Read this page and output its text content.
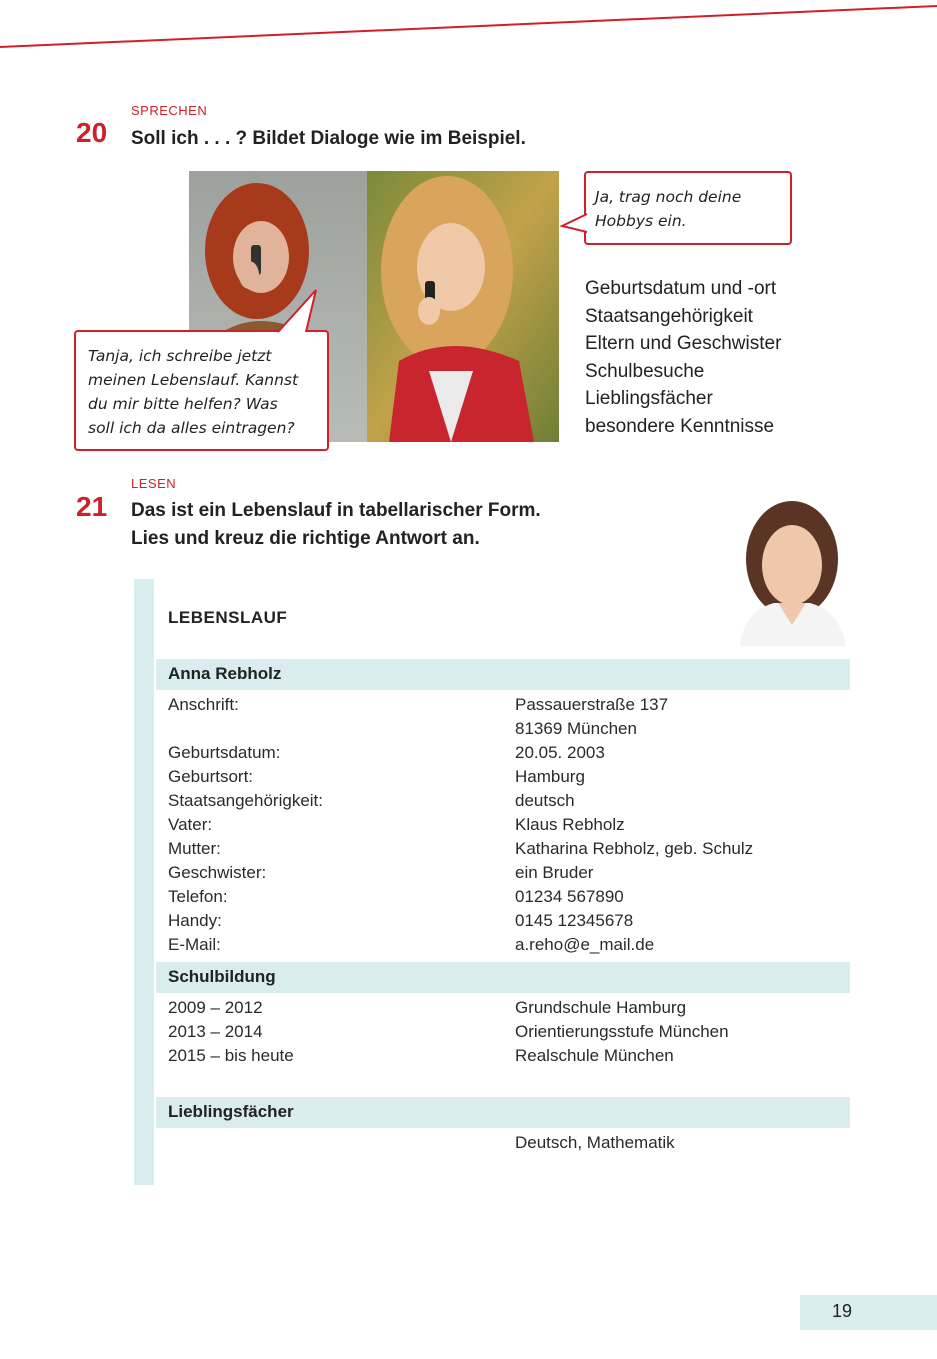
SPRECHEN
20 Soll ich . . . ? Bildet Dialoge wie im Beispiel.
Ja, trag noch deine
Hobbys ein.
Tanja, ich schreibe jetzt
meinen Lebenslauf. Kannst
du mir bitte helfen? Was
soll ich da alles eintragen?
Geburtsdatum und -ort
Staatsangehörigkeit
Eltern und Geschwister
Schulbesuche
Lieblingsfächer
besondere Kenntnisse
LESEN
21 Das ist ein Lebenslauf in tabellarischer Form.
Lies und kreuz die richtige Antwort an.
LEBENSLAUF
Anna Rebholz
Anschrift:	Passauerstraße 137
81369 München
Geburtsdatum:	20.05. 2003
Geburtsort:	Hamburg
Staatsangehörigkeit:	deutsch
Vater:	Klaus Rebholz
Mutter:	Katharina Rebholz, geb. Schulz
Geschwister:	ein Bruder
Telefon:	01234 567890
Handy:	0145 12345678
E-Mail:	a.reho@e_mail.de
Schulbildung
2009 – 2012	Grundschule Hamburg
2013 – 2014	Orientierungsstufe München
2015 – bis heute	Realschule München
Lieblingsfächer
Deutsch, Mathematik
19
